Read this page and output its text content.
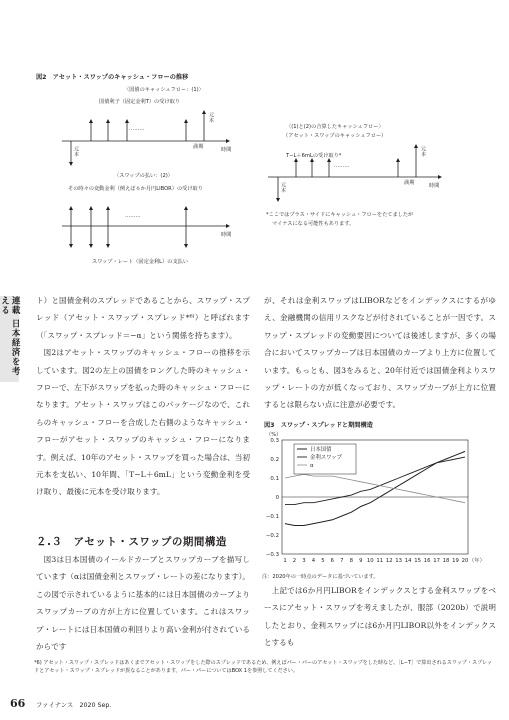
図2　アセット・スワップのキャッシュ・フローの推移
〈国債のキャッシュフロー：(1)〉
国債利子（固定金利T）の受け取り
………
元本
元本	満期	時間
〈スワップの払い：(2)〉
その時々の変動金利（例えば６か月円LIBOR）の受け取り
………
時間
スワップ・レート（固定金利L）の支払い
〈(1)と(2)の合算したキャッシュフロー〉
（アセット・スワップのキャッシュフロー）
T−L＋6mLの受け取り*
………
元本
元本	満期	時間
*ここではプラス・サイドにキャッシュ・フローをたてましたが
マイナスになる可能性もあります。
連載 日本経済を考える	ト）と国債金利のスプレッドであることから、スワップ・スプレッド（アセット・スワップ・スプレッド*⁶⁾）と呼ばれます（「スワップ・スプレッド＝−α」という関係を持ちます）。

図2はアセット・スワップのキャッシュ・フローの推移を示しています。図2の左上の国債をロングした時のキャッシュ・フローで、左下がスワップを払った時のキャッシュ・フローになります。アセット・スワップはこのパッケージなので、これらのキャッシュ・フローを合成した右側のようなキャッシュ・フローがアセット・スワップのキャッシュ・フローになります。例えば、10年のアセット・スワップを買った場合は、当初元本を支払い、10年間、「T−L＋6mL」という変動金利を受け取り、最後に元本を受け取ります。

２.３　アセット・スワップの期間構造

図3は日本国債のイールドカーブとスワップカーブを描写しています（αは国債金利とスワップ・レートの差になります）。この図で示されているように基本的には日本国債のカーブよりスワップカーブの方が上方に位置しています。これはスワップ・レートには日本国債の利回りより高い金利が付されているからです

が、それは金利スワップはLIBORなどをインデックスにするがゆえ、金融機関の信用リスクなどが付されていることが一因です。スワップ・スプレッドの変動要因については後述しますが、多くの場合においてスワップカーブは日本国債のカーブより上方に位置しています。もっとも、図3をみると、20年付近では国債金利よりスワップ・レートの方が低くなっており、スワップカーブが上方に位置するとは限らない点に注意が必要です。

図3　スワップ・スプレッドと期間構造
（%）
0.3
0.2
0.1
0
−0.1
−0.2
−0.3
1 2 3 4 5 6 7 8 9 10 11 12 13 14 15 16 17 18 19 20 （年）
日本国債
金利スワップ
α
注：2020年の一時点のデータに基づいています。

上記では6か月円LIBORをインデックスとする金利スワップをベースにアセット・スワップを考えましたが、服部（2020b）で説明したとおり、金利スワップには6か月円LIBOR以外をインデックスとするも

*6) アセット・スワップ・スプレッドはあくまでアセット・スワップをした際のスプレッドであるため、例えばパー・パーのアセット・スワップをした時など、［L−T］で算出されるスワップ・スプレッドとアセット・スワップ・スプレッドが異なることがあります。パー・パーについてはBOX 1を参照してください。
66 ファイナンス　2020 Sep.
